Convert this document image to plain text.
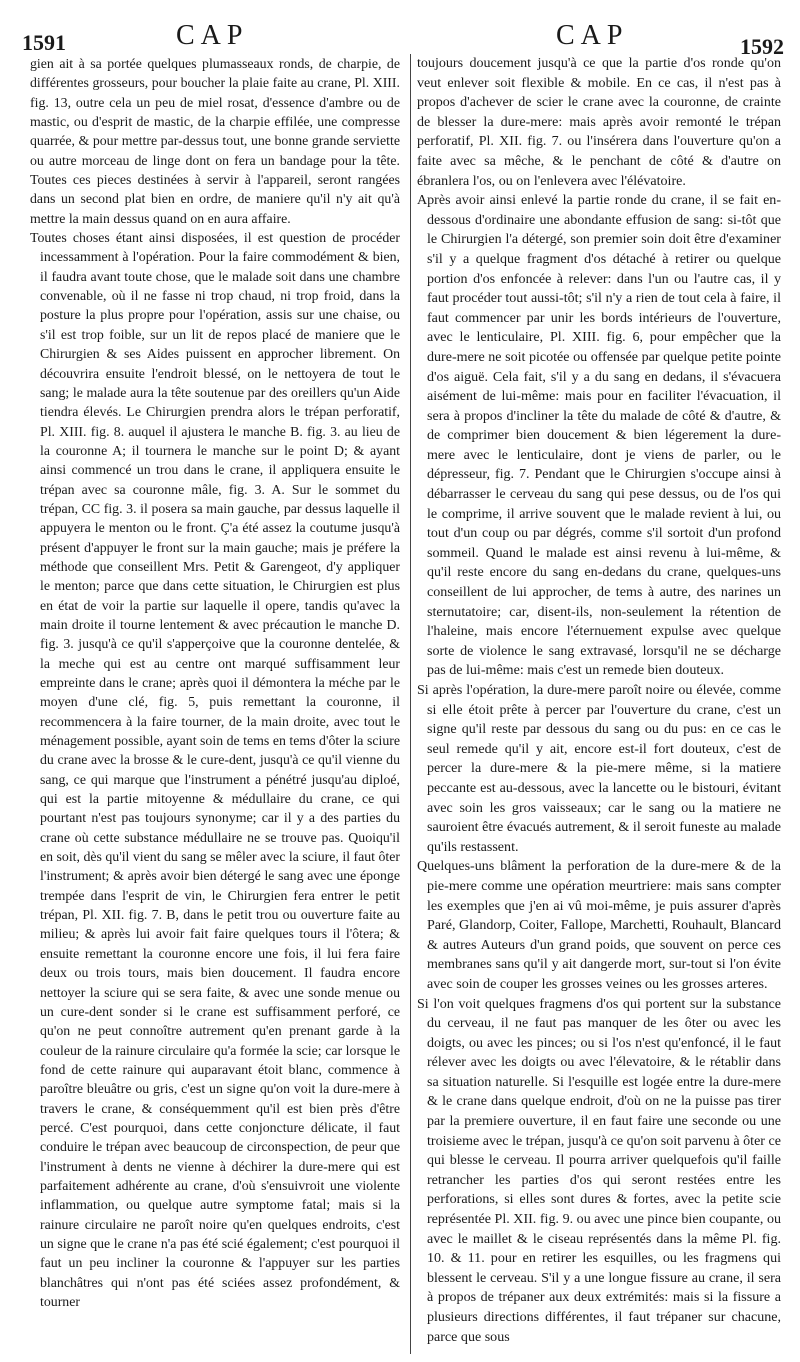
1591	CAP	CAP	1592

gien ait à sa portée quelques plumasseaux ronds, de charpie, de différentes grosseurs, pour boucher la plaie faite au crane, Pl. XIII. fig. 13, outre cela un peu de miel rosat, d'essence d'ambre ou de mastic, ou d'esprit de mastic, de la charpie effilée, une compresse quarrée, & pour mettre par-dessus tout, une bonne grande serviette ou autre morceau de linge dont on fera un bandage pour la tête. Toutes ces pieces destinées à servir à l'appareil, seront rangées dans un second plat bien en ordre, de maniere qu'il n'y ait qu'à mettre la main dessus quand on en aura affaire.

Toutes choses étant ainsi disposées, il est question de procéder incessamment à l'opération. Pour la faire commodément & bien, il faudra avant toute chose, que le malade soit dans une chambre convenable, où il ne fasse ni trop chaud, ni trop froid, dans la posture la plus propre pour l'opération, assis sur une chaise, ou s'il est trop foible, sur un lit de repos placé de maniere que le Chirurgien & ses Aides puissent en approcher librement. On découvrira ensuite l'endroit blessé, on le nettoyera de tout le sang; le malade aura la tête soutenue par des oreillers qu'un Aide tiendra élevés. Le Chirurgien prendra alors le trépan perforatif, Pl. XIII. fig. 8. auquel il ajustera le manche B. fig. 3. au lieu de la couronne A; il tournera le manche sur le point D; & ayant ainsi commencé un trou dans le crane, il appliquera ensuite le trépan avec sa couronne mâle, fig. 3. A. Sur le sommet du trépan, CC fig. 3. il posera sa main gauche, par dessus laquelle il appuyera le menton ou le front. Ç'a été assez la coutume jusqu'à présent d'appuyer le front sur la main gauche; mais je préfere la méthode que conseillent Mrs. Petit & Garengeot, d'y appliquer le menton; parce que dans cette situation, le Chirurgien est plus en état de voir la partie sur laquelle il opere, tandis qu'avec la main droite il tourne lentement & avec précaution le manche D. fig. 3. jusqu'à ce qu'il s'apperçoive que la couronne dentelée, & la meche qui est au centre ont marqué suffisamment leur empreinte dans le crane; après quoi il démontera la méche par le moyen d'une clé, fig. 5, puis remettant la couronne, il recommencera à la faire tourner, de la main droite, avec tout le ménagement possible, ayant soin de tems en tems d'ôter la sciure du crane avec la brosse & le cure-dent, jusqu'à ce qu'il vienne du sang, ce qui marque que l'instrument a pénétré jusqu'au diploé, qui est la partie mitoyenne & médullaire du crane, ce qui pourtant n'est pas toujours synonyme; car il y a des parties du crane où cette substance médullaire ne se trouve pas. Quoiqu'il en soit, dès qu'il vient du sang se mêler avec la sciure, il faut ôter l'instrument; & après avoir bien détergé le sang avec une éponge trempée dans l'esprit de vin, le Chirurgien fera entrer le petit trépan, Pl. XII. fig. 7. B, dans le petit trou ou ouverture faite au milieu; & après lui avoir fait faire quelques tours il l'ôtera; & ensuite remettant la couronne encore une fois, il lui fera faire deux ou trois tours, mais bien doucement. Il faudra encore nettoyer la sciure qui se sera faite, & avec une sonde menue ou un cure-dent sonder si le crane est suffisamment perforé, ce qu'on ne peut connoître autrement qu'en prenant garde à la couleur de la rainure circulaire qu'a formée la scie; car lorsque le fond de cette rainure qui auparavant étoit blanc, commence à paroître bleuâtre ou gris, c'est un signe qu'on voit la dure-mere à travers le crane, & conséquemment qu'il est bien près d'être percé. C'est pourquoi, dans cette conjoncture délicate, il faut conduire le trépan avec beaucoup de circonspection, de peur que l'instrument à dents ne vienne à déchirer la dure-mere qui est parfaitement adhérente au crane, d'où s'ensuivroit une violente inflammation, ou quelque autre symptome fatal; mais si la rainure circulaire ne paroît noire qu'en quelques endroits, c'est un signe que le crane n'a pas été scié également; c'est pourquoi il faut un peu incliner la couronne & l'appuyer sur les parties blanchâtres qui n'ont pas été sciées assez profondément, & tourner

toujours doucement jusqu'à ce que la partie d'os ronde qu'on veut enlever soit flexible & mobile. En ce cas, il n'est pas à propos d'achever de scier le crane avec la couronne, de crainte de blesser la dure-mere: mais après avoir remonté le trépan perforatif, Pl. XII. fig. 7. ou l'insérera dans l'ouverture qu'on a faite avec sa mêche, & le penchant de côté & d'autre on ébranlera l'os, ou on l'enlevera avec l'élévatoire.

Après avoir ainsi enlevé la partie ronde du crane, il se fait en-dessous d'ordinaire une abondante effusion de sang: si-tôt que le Chirurgien l'a détergé, son premier soin doit être d'examiner s'il y a quelque fragment d'os détaché à retirer ou quelque portion d'os enfoncée à relever: dans l'un ou l'autre cas, il y faut procéder tout aussi-tôt; s'il n'y a rien de tout cela à faire, il faut commencer par unir les bords intérieurs de l'ouverture, avec le lenticulaire, Pl. XIII. fig. 6, pour empêcher que la dure-mere ne soit picotée ou offensée par quelque petite pointe d'os aiguë. Cela fait, s'il y a du sang en dedans, il s'évacuera aisément de lui-même: mais pour en faciliter l'évacuation, il sera à propos d'incliner la tête du malade de côté & d'autre, & de comprimer bien doucement & bien légerement la dure-mere avec le lenticulaire, dont je viens de parler, ou le dépresseur, fig. 7. Pendant que le Chirurgien s'occupe ainsi à débarrasser le cerveau du sang qui pese dessus, ou de l'os qui le comprime, il arrive souvent que le malade revient à lui, ou tout d'un coup ou par dégrés, comme s'il sortoit d'un profond sommeil. Quand le malade est ainsi revenu à lui-même, & qu'il reste encore du sang en-dedans du crane, quelques-uns conseillent de lui approcher, de tems à autre, des narines un sternutatoire; car, disent-ils, non-seulement la rétention de l'haleine, mais encore l'éternuement expulse avec quelque sorte de violence le sang extravasé, lorsqu'il ne se décharge pas de lui-même: mais c'est un remede bien douteux.

Si après l'opération, la dure-mere paroît noire ou élevée, comme si elle étoit prête à percer par l'ouverture du crane, c'est un signe qu'il reste par dessous du sang ou du pus: en ce cas le seul remede qu'il y ait, encore est-il fort douteux, c'est de percer la dure-mere & la pie-mere même, si la matiere peccante est au-dessous, avec la lancette ou le bistouri, évitant avec soin les gros vaisseaux; car le sang ou la matiere ne sauroient être évacués autrement, & il seroit funeste au malade qu'ils restassent.

Quelques-uns blâment la perforation de la dure-mere & de la pie-mere comme une opération meurtriere: mais sans compter les exemples que j'en ai vû moi-même, je puis assurer d'après Paré, Glandorp, Coiter, Fallope, Marchetti, Rouhault, Blancard & autres Auteurs d'un grand poids, que souvent on perce ces membranes sans qu'il y ait dangerde mort, sur-tout si l'on évite avec soin de couper les grosses veines ou les grosses arteres.

Si l'on voit quelques fragmens d'os qui portent sur la substance du cerveau, il ne faut pas manquer de les ôter ou avec les doigts, ou avec les pinces; ou si l'os n'est qu'enfoncé, il le faut rélever avec les doigts ou avec l'élevatoire, & le rétablir dans sa situation naturelle. Si l'esquille est logée entre la dure-mere & le crane dans quelque endroit, d'où on ne la puisse pas tirer par la premiere ouverture, il en faut faire une seconde ou une troisieme avec le trépan, jusqu'à ce qu'on soit parvenu à ôter ce qui blesse le cerveau. Il pourra arriver quelquefois qu'il faille retrancher les parties d'os qui seront restées entre les perforations, si elles sont dures & fortes, avec la petite scie représentée Pl. XII. fig. 9. ou avec une pince bien coupante, ou avec le maillet & le ciseau représentés dans la même Pl. fig. 10. & 11. pour en retirer les esquilles, ou les fragmens qui blessent le cerveau. S'il y a une longue fissure au crane, il sera à propos de trépaner aux deux extrémités: mais si la fissure a plusieurs directions différentes, il faut trépaner sur chacune, parce que sous
